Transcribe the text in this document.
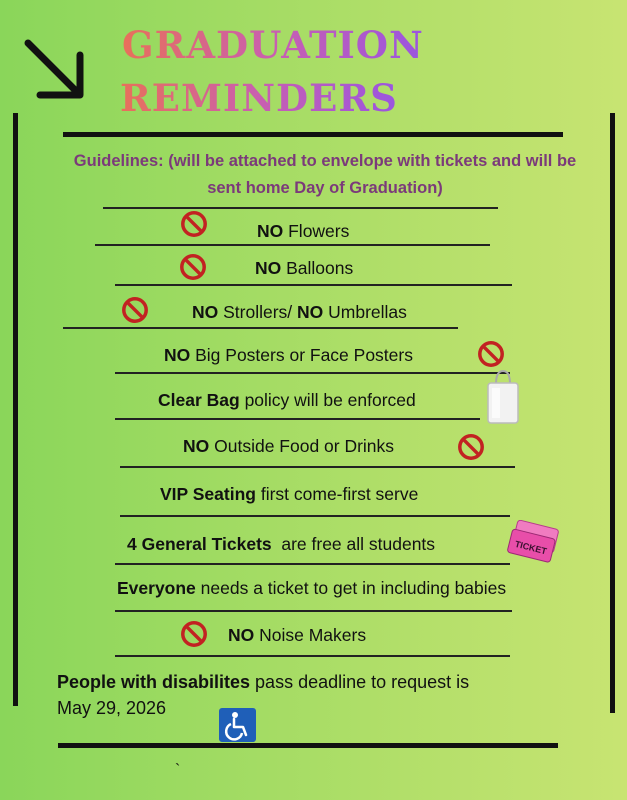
GRADUATION
REMINDERS
Guidelines: (will be attached to envelope with tickets and will be sent home Day of Graduation)
NO Flowers
NO Balloons
NO Strollers/ NO Umbrellas
NO Big Posters or Face Posters
Clear Bag policy will be enforced
NO Outside Food or Drinks
VIP Seating first come-first serve
4 General Tickets  are free all students
Everyone needs a ticket to get in including babies
NO Noise Makers
People with disabilites pass deadline to request is
May 29, 2026
`
TICKET
